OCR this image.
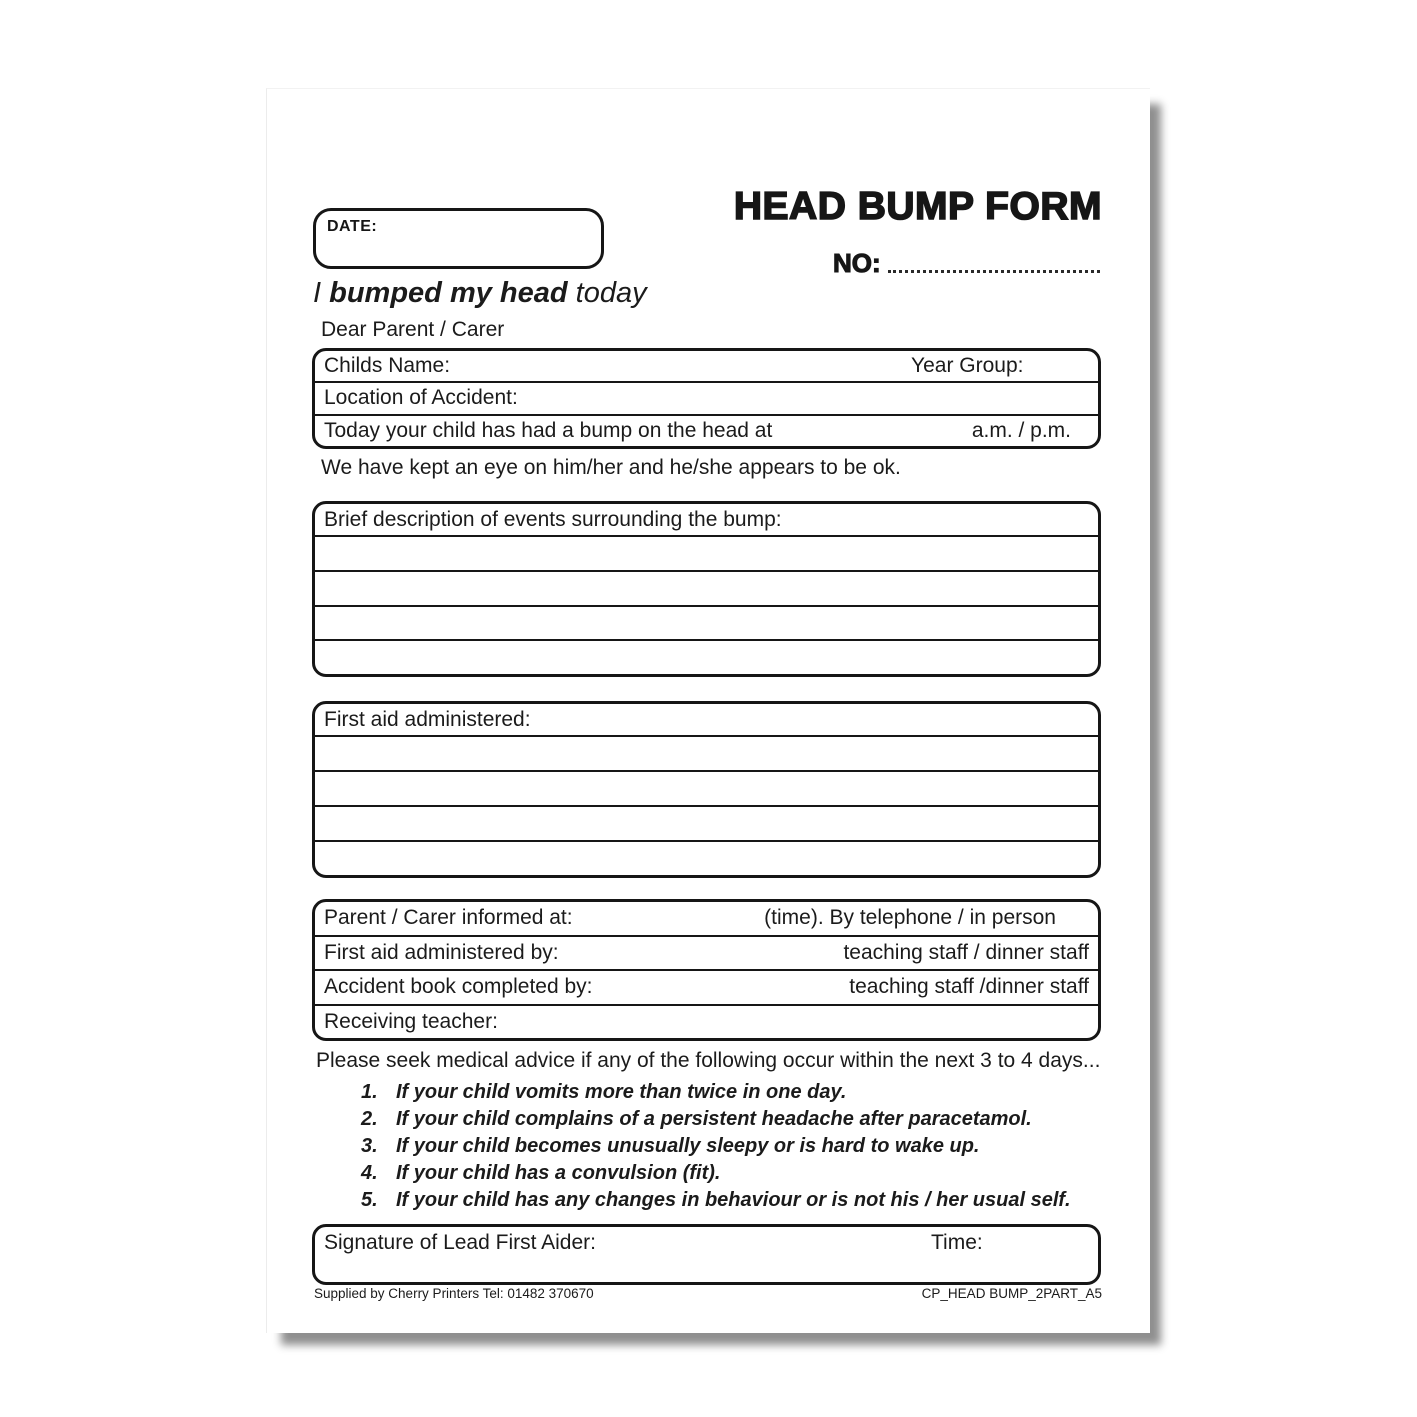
DATE:	HEAD BUMP FORM
NO:
I bumped my head today
Dear Parent / Carer
Childs Name:	Year Group:
Location of Accident:
Today your child has had a bump on the head at	a.m. / p.m.
We have kept an eye on him/her and he/she appears to be ok.
Brief description of events surrounding the bump:
First aid administered:
Parent / Carer informed at:	(time). By telephone / in person
First aid administered by:	teaching staff / dinner staff
Accident book completed by:	teaching staff /dinner staff
Receiving teacher:
Please seek medical advice if any of the following occur within the next 3 to 4 days...
If your child vomits more than twice in one day.
If your child complains of a persistent headache after paracetamol.
If your child becomes unusually sleepy or is hard to wake up.
If your child has a convulsion (fit).
If your child has any changes in behaviour or is not his / her usual self.
Signature of Lead First Aider:	Time:
Supplied by Cherry Printers Tel: 01482 370670	CP_HEAD BUMP_2PART_A5
